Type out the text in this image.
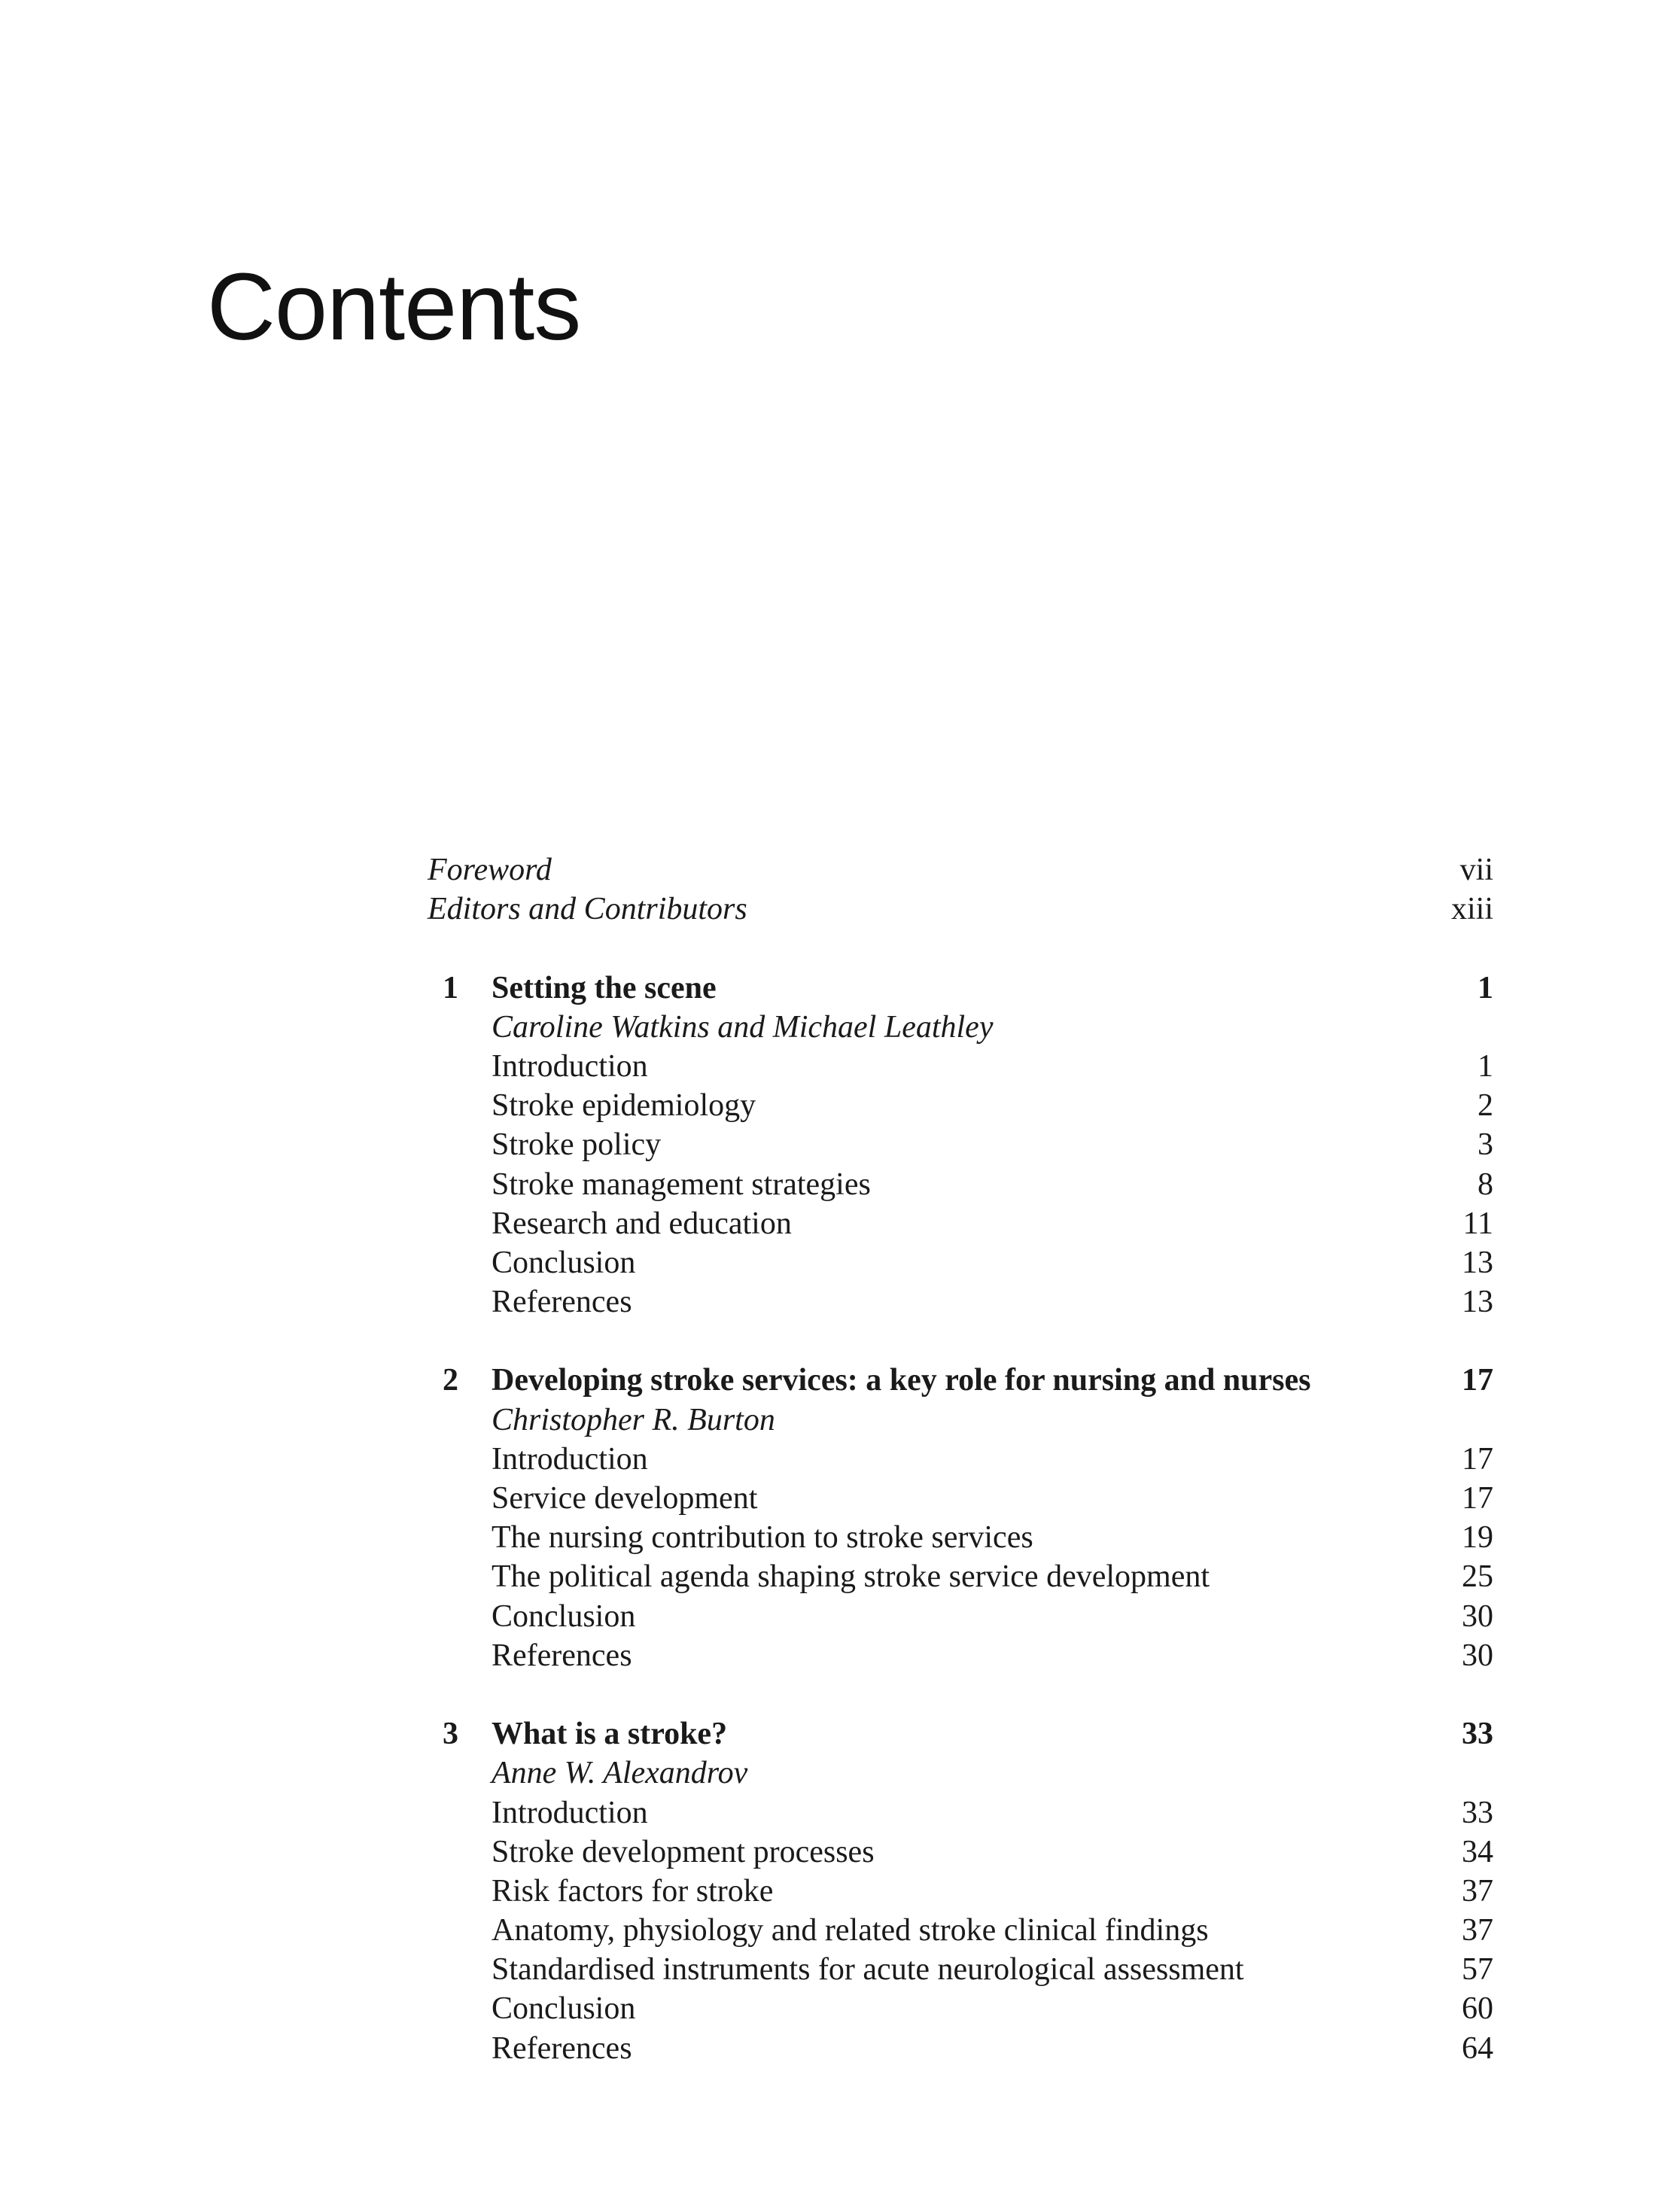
Contents
Foreword	vii
Editors and Contributors	xiii
1 Setting the scene	1
Caroline Watkins and Michael Leathley
Introduction	1
Stroke epidemiology	2
Stroke policy	3
Stroke management strategies	8
Research and education	11
Conclusion	13
References	13
2 Developing stroke services: a key role for nursing and nurses	17
Christopher R. Burton
Introduction	17
Service development	17
The nursing contribution to stroke services	19
The political agenda shaping stroke service development	25
Conclusion	30
References	30
3 What is a stroke?	33
Anne W. Alexandrov
Introduction	33
Stroke development processes	34
Risk factors for stroke	37
Anatomy, physiology and related stroke clinical findings	37
Standardised instruments for acute neurological assessment	57
Conclusion	60
References	64
